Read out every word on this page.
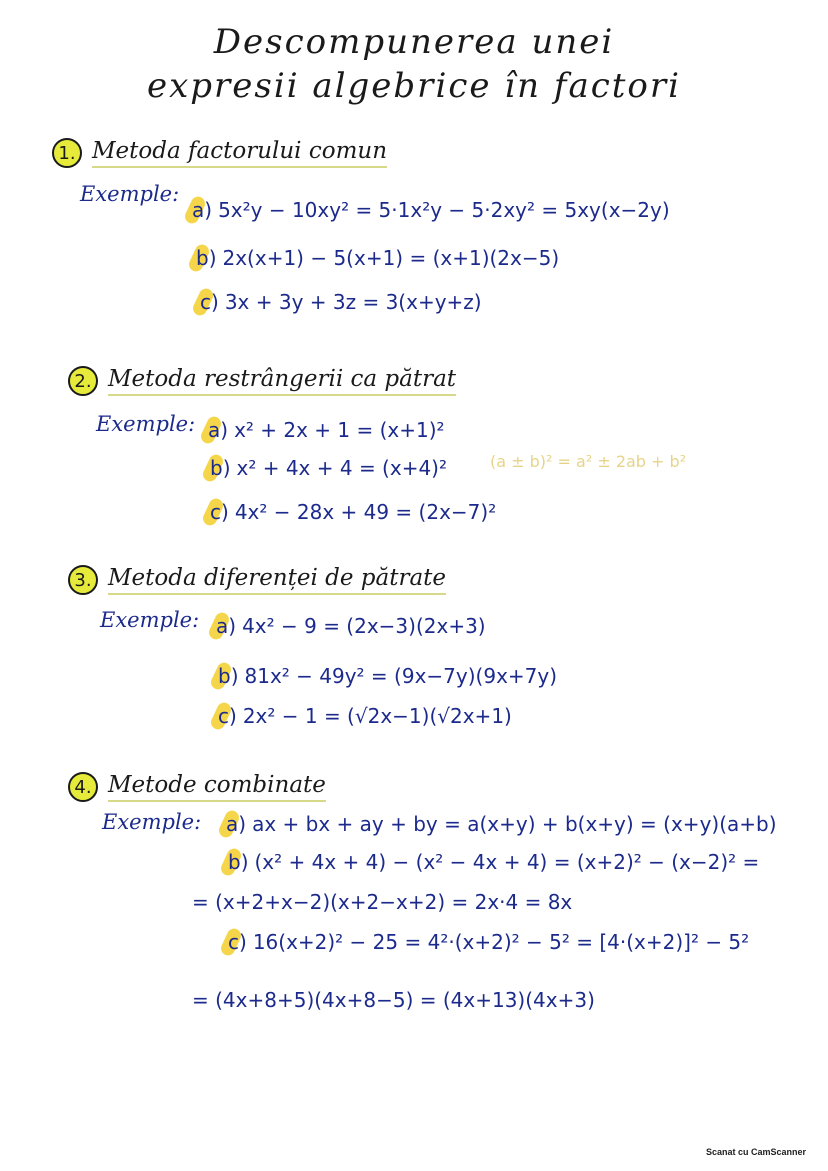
Descompunerea unei
expresii algebrice în factori
1. Metoda factorului comun
Exemple:
a) 5x²y − 10xy² = 5·1x²y − 5·2xy² = 5xy(x−2y)
b) 2x(x+1) − 5(x+1) = (x+1)(2x−5)
c) 3x + 3y + 3z = 3(x+y+z)
2. Metoda restrângerii ca pătrat
Exemple: a) x² + 2x + 1 = (x+1)²
b) x² + 4x + 4 = (x+4)²	(a ± b)² = a² ± 2ab + b²
c) 4x² − 28x + 49 = (2x−7)²
3. Metoda diferenței de pătrate
Exemple: a) 4x² − 9 = (2x−3)(2x+3)
b) 81x² − 49y² = (9x−7y)(9x+7y)
c) 2x² − 1 = (√2x−1)(√2x+1)
4. Metode combinate
Exemple: a) ax + bx + ay + by = a(x+y) + b(x+y) = (x+y)(a+b)
b) (x² + 4x + 4) − (x² − 4x + 4) = (x+2)² − (x−2)² =
= (x+2+x−2)(x+2−x+2) = 2x·4 = 8x
c) 16(x+2)² − 25 = 4²·(x+2)² − 5² = [4·(x+2)]² − 5²
= (4x+8+5)(4x+8−5) = (4x+13)(4x+3)
Scanat cu CamScanner
